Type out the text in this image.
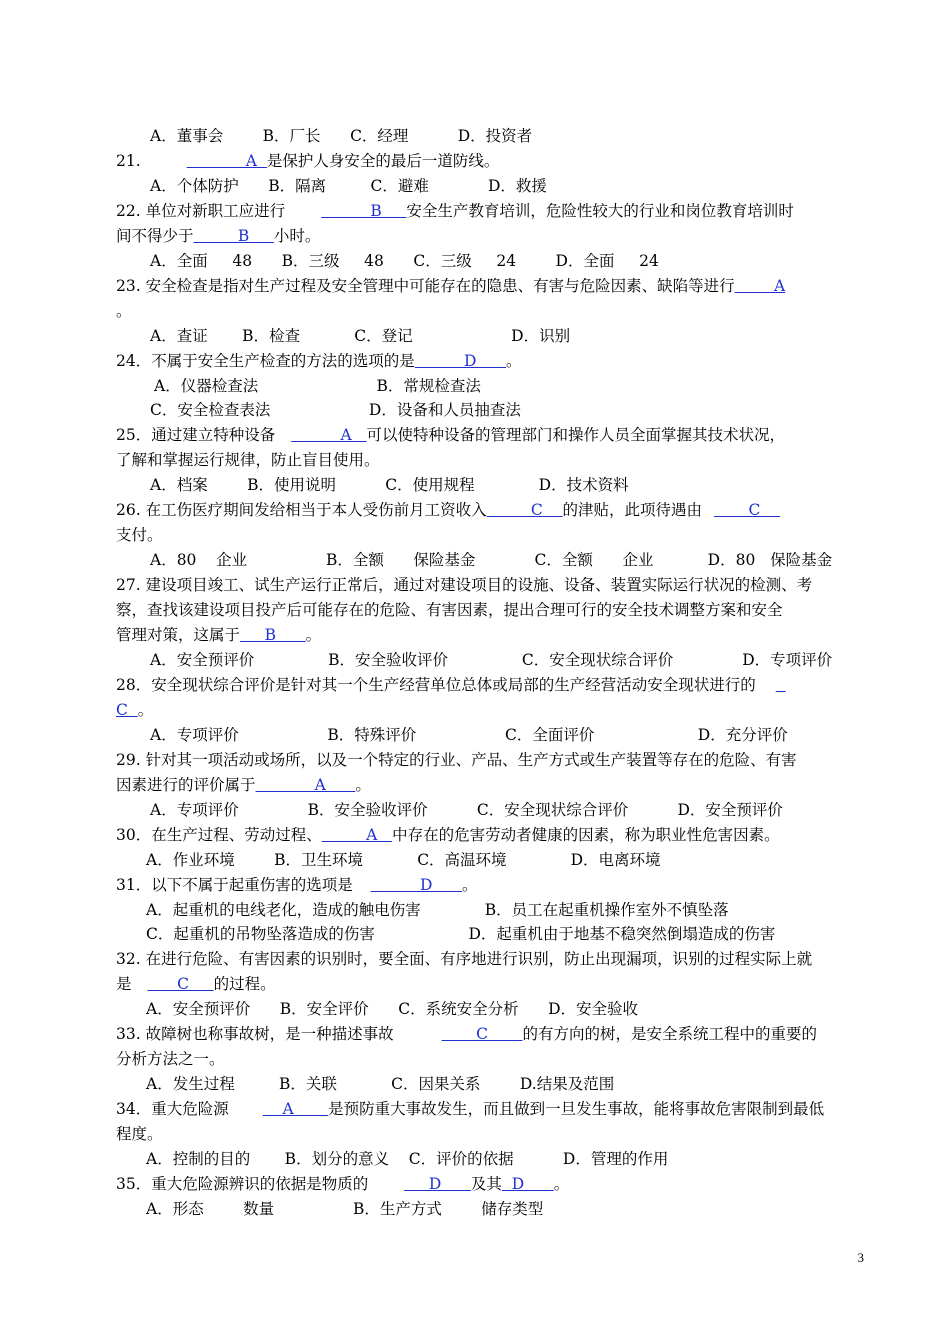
A．董事会        B．厂长      C．经理          D．投资者
21.	A  是保护人身安全的最后一道防线。
A．个体防护      B．隔离         C．避难            D．救援
22. 单位对新职工应进行          B     安全生产教育培训，危险性较大的行业和岗位教育培训时
间不得少于         B     小时。
A．全面     48      B．三级     48      C．三级     24        D．全面     24
23. 安全检查是指对生产过程及安全管理中可能存在的隐患、有害与危险因素、缺陷等进行        A
。
A．查证       B．检查           C．登记                    D．识别
24．不属于安全生产检查的方法的选项的是          D      。
A．仪器检查法                        B．常规检查法
C．安全检查表法                    D．设备和人员抽查法
25．通过建立特种设备          A   可以使特种设备的管理部门和操作人员全面掌握其技术状况，
了解和掌握运行规律，防止盲目使用。
A．档案        B．使用说明          C．使用规程             D．技术资料
26. 在工伤医疗期间发给相当于本人受伤前月工资收入         C    的津贴，此项待遇由       C
支付。
A．80    企业                B．全额      保险基金            C．全额      企业           D．80   保险基金
27. 建设项目竣工、试生产运行正常后，通过对建设项目的设施、设备、装置实际运行状况的检测、考
察，查找该建设项目投产后可能存在的危险、有害因素，提出合理可行的安全技术调整方案和安全
管理对策，这属于     B      。
A．安全预评价               B．安全验收评价               C．安全现状综合评价              D．专项评价
28．安全现状综合评价是针对其一个生产经营单位总体或局部的生产经营活动安全现状进行的
C  。
A．专项评价                  B．特殊评价                  C．全面评价                     D．充分评价
29. 针对其一项活动或场所，以及一个特定的行业、产品、生产方式或生产装置等存在的危险、有害
因素进行的评价属于            A      。
A．专项评价              B．安全验收评价          C．安全现状综合评价          D．安全预评价
30．在生产过程、劳动过程、         A   中存在的危害劳动者健康的因素，称为职业性危害因素。
A．作业环境        B．卫生环境           C．高温环境             D．电离环境
31．以下不属于起重伤害的选项是          D      。
A．起重机的电线老化，造成的触电伤害             B．员工在起重机操作室外不慎坠落
C．起重机的吊物坠落造成的伤害                   D．起重机由于地基不稳突然倒塌造成的伤害
32. 在进行危险、有害因素的识别时，要全面、有序地进行识别，防止出现漏项，识别的过程实际上就
是      C     的过程。
A．安全预评价      B．安全评价      C．系统安全分析      D．安全验收
33. 故障树也称事故树，是一种描述事故	C       的有方向的树，是安全系统工程中的重要的
分析方法之一。
A．发生过程         B．关联           C．因果关系        D.结果及范围
34．重大危险源    A       是预防重大事故发生，而且做到一旦发生事故，能将事故危害限制到最低
程度。
A．控制的目的       B．划分的意义    C．评价的依据          D．管理的作用
35．重大危险源辨识的依据是物质的     D      及其  D      。
A．形态        数量                B．生产方式        储存类型
3
